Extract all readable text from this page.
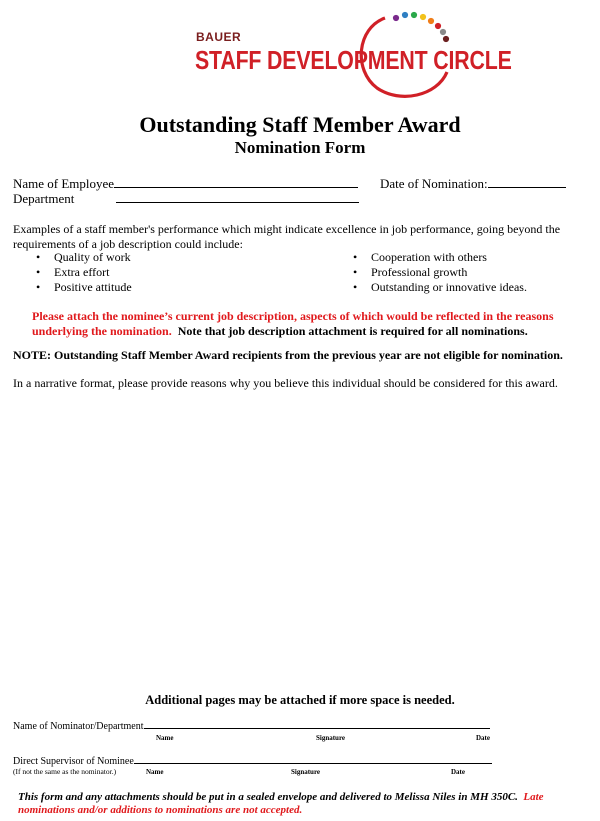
BAUER
STAFF DEVELOPMENT CIRCLE
Outstanding Staff Member Award
Nomination Form
Name of Employee	Date of Nomination:
Department
Examples of a staff member's performance which might indicate excellence in job performance, going beyond the requirements of a job description could include:
• Quality of work
• Extra effort
• Positive attitude
• Cooperation with others
• Professional growth
• Outstanding or innovative ideas.
Please attach the nominee’s current job description, aspects of which would be reflected in the reasons underlying the nomination. Note that job description attachment is required for all nominations.
NOTE: Outstanding Staff Member Award recipients from the previous year are not eligible for nomination.
In a narrative format, please provide reasons why you believe this individual should be considered for this award.
Additional pages may be attached if more space is needed.
Name of Nominator/Department
Name	Signature	Date
Direct Supervisor of Nominee
(If not the same as the nominator.)	Name	Signature	Date
This form and any attachments should be put in a sealed envelope and delivered to Melissa Niles in MH 350C. Late nominations and/or additions to nominations are not accepted.
